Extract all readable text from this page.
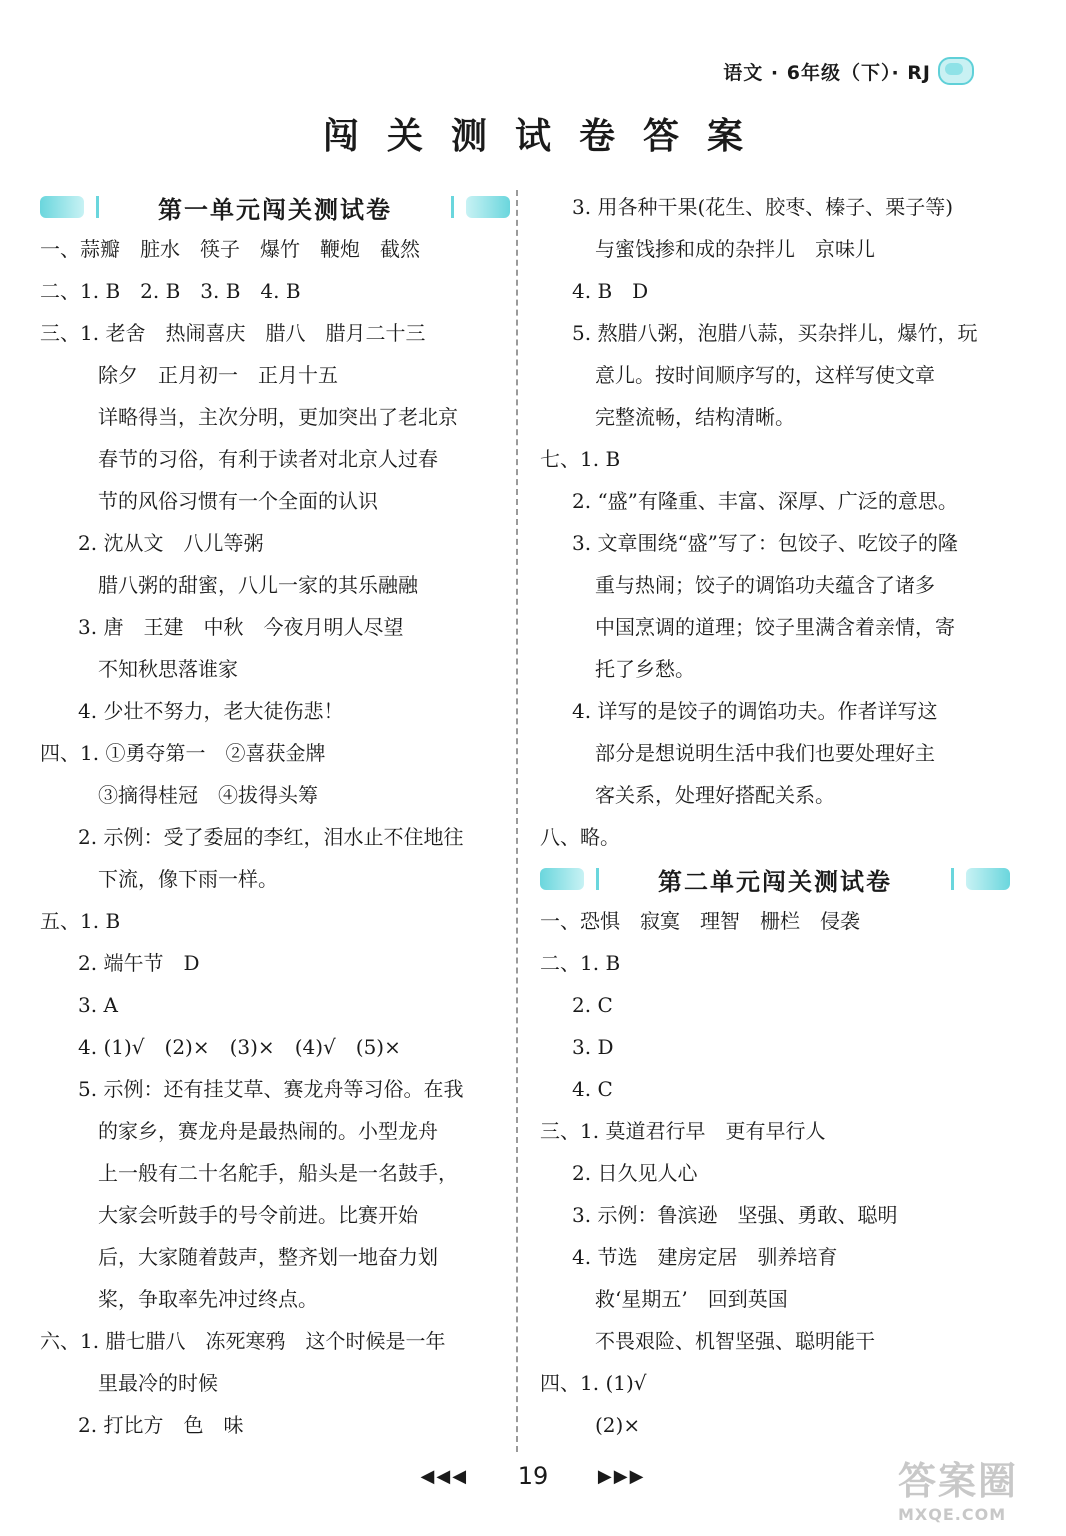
语文 · 6年级（下）· RJ
闯关测试卷答案
第一单元闯关测试卷
一、蒜瓣　脏水　筷子　爆竹　鞭炮　截然
二、1. B　2. B　3. B　4. B
三、1. 老舍　热闹喜庆　腊八　腊月二十三
除夕　正月初一　正月十五
详略得当，主次分明，更加突出了老北京
春节的习俗，有利于读者对北京人过春
节的风俗习惯有一个全面的认识
2. 沈从文　八儿等粥
腊八粥的甜蜜，八儿一家的其乐融融
3. 唐　王建　中秋　今夜月明人尽望
不知秋思落谁家
4. 少壮不努力，老大徒伤悲！
四、1. ①勇夺第一　②喜获金牌
③摘得桂冠　④拔得头筹
2. 示例：受了委屈的李红，泪水止不住地往
下流，像下雨一样。
五、1. B
2. 端午节　D
3. A
4. (1)√　(2)×　(3)×　(4)√　(5)×
5. 示例：还有挂艾草、赛龙舟等习俗。在我
的家乡，赛龙舟是最热闹的。小型龙舟
上一般有二十名舵手，船头是一名鼓手，
大家会听鼓手的号令前进。比赛开始
后，大家随着鼓声，整齐划一地奋力划
桨，争取率先冲过终点。
六、1. 腊七腊八　冻死寒鸦　这个时候是一年
里最冷的时候
2. 打比方　色　味
3. 用各种干果(花生、胶枣、榛子、栗子等)
与蜜饯掺和成的杂拌儿　京味儿
4. B　D
5. 熬腊八粥，泡腊八蒜，买杂拌儿，爆竹，玩
意儿。按时间顺序写的，这样写使文章
完整流畅，结构清晰。
七、1. B
2. “盛”有隆重、丰富、深厚、广泛的意思。
3. 文章围绕“盛”写了：包饺子、吃饺子的隆
重与热闹；饺子的调馅功夫蕴含了诸多
中国烹调的道理；饺子里满含着亲情，寄
托了乡愁。
4. 详写的是饺子的调馅功夫。作者详写这
部分是想说明生活中我们也要处理好主
客关系，处理好搭配关系。
八、略。
第二单元闯关测试卷
一、恐惧　寂寞　理智　栅栏　侵袭
二、1. B
2. C
3. D
4. C
三、1. 莫道君行早　更有早行人
2. 日久见人心
3. 示例：鲁滨逊　坚强、勇敢、聪明
4. 节选　建房定居　驯养培育
救‘星期五’　回到英国
不畏艰险、机智坚强、聪明能干
四、1. (1)√
(2)×
◀◀◀ 19	▶▶▶	答案圈
MXQE.COM
